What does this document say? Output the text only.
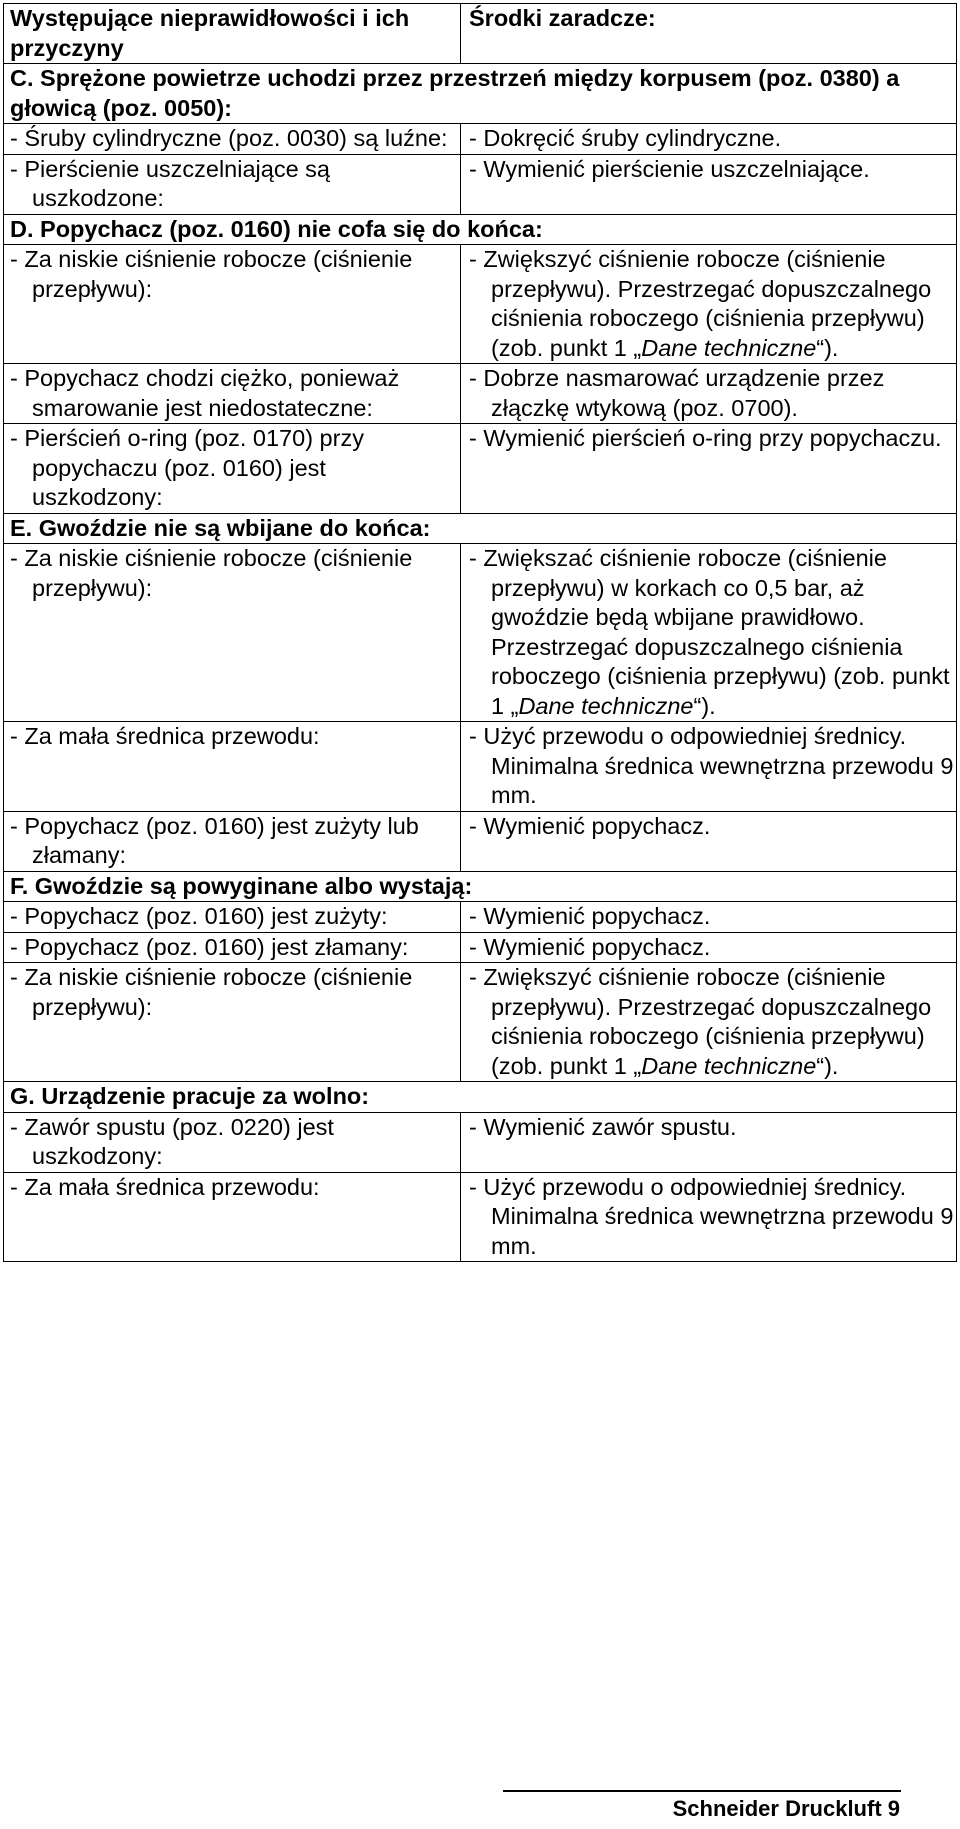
Występujące nieprawidłowości i ich przyczyny	Środki zaradcze:
C. Sprężone powietrze uchodzi przez przestrzeń między korpusem (poz. 0380) a głowicą (poz. 0050):	

- Śruby cylindryczne (poz. 0030) są luźne:	- Dokręcić śruby cylindryczne.

- Pierścienie uszczelniające są uszkodzone:	- Wymienić pierścienie uszczelniające.

D. Popychacz (poz. 0160) nie cofa się do końca:	

- Za niskie ciśnienie robocze (ciśnienie przepływu):	- Zwiększyć ciśnienie robocze (ciśnienie przepływu). Przestrzegać dopuszczalnego ciśnienia roboczego (ciśnienia przepływu) (zob. punkt 1 „Dane techniczne“).

- Popychacz chodzi ciężko, ponieważ smarowanie jest niedostateczne:	- Dobrze nasmarować urządzenie przez złączkę wtykową (poz. 0700).

- Pierścień o-ring (poz. 0170) przy popychaczu (poz. 0160) jest uszkodzony:	- Wymienić pierścień o-ring przy popychaczu.

E. Gwoździe nie są wbijane do końca:	

- Za niskie ciśnienie robocze (ciśnienie przepływu):	- Zwiększać ciśnienie robocze (ciśnienie przepływu) w korkach co 0,5 bar, aż gwoździe będą wbijane prawidłowo. Przestrzegać dopuszczalnego ciśnienia roboczego (ciśnienia przepływu) (zob. punkt 1 „Dane techniczne“).

- Za mała średnica przewodu:	- Użyć przewodu o odpowiedniej średnicy. Minimalna średnica wewnętrzna przewodu 9 mm.

- Popychacz (poz. 0160) jest zużyty lub złamany:	- Wymienić popychacz.

F. Gwoździe są powyginane albo wystają:	

- Popychacz (poz. 0160) jest zużyty:	- Wymienić popychacz.

- Popychacz (poz. 0160) jest złamany:	- Wymienić popychacz.

- Za niskie ciśnienie robocze (ciśnienie przepływu):	- Zwiększyć ciśnienie robocze (ciśnienie przepływu). Przestrzegać dopuszczalnego ciśnienia roboczego (ciśnienia przepływu) (zob. punkt 1 „Dane techniczne“).

G. Urządzenie pracuje za wolno:	

- Zawór spustu (poz. 0220) jest uszkodzony:	- Wymienić zawór spustu.

- Za mała średnica przewodu:	- Użyć przewodu o odpowiedniej średnicy. Minimalna średnica wewnętrzna przewodu 9 mm.
Schneider Druckluft 9
